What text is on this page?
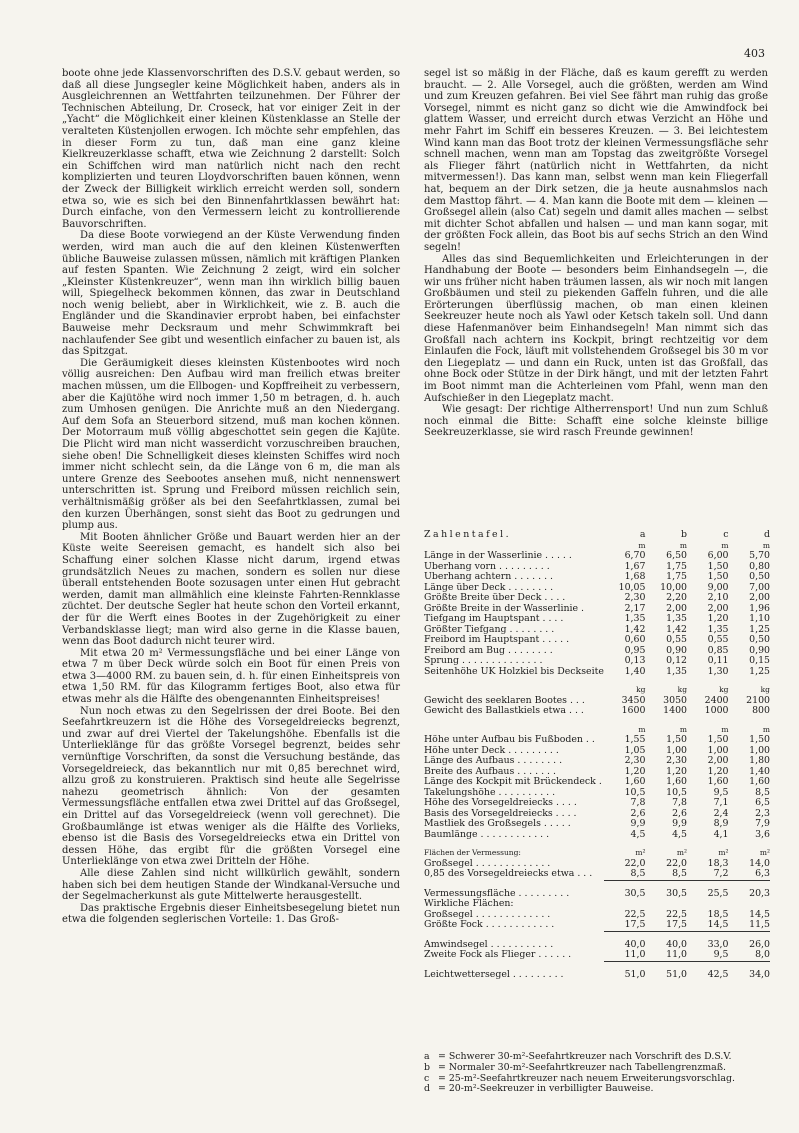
403

boote ohne jede Klassenvorschriften des D.S.V. gebaut werden, so daß all diese Jungsegler keine Möglichkeit haben, anders als in Ausgleichrennen an Wettfahrten teilzunehmen. Der Führer der Technischen Abteilung, Dr. Croseck, hat vor einiger Zeit in der „Yacht“ die Möglichkeit einer kleinen Küstenklasse an Stelle der veralteten Küstenjollen erwogen. Ich möchte sehr empfehlen, das in dieser Form zu tun, daß man eine ganz kleine Kielkreuzerklasse schafft, etwa wie Zeichnung 2 darstellt: Solch ein Schiffchen wird man natürlich nicht nach den recht komplizierten und teuren Lloydvorschriften bauen können, wenn der Zweck der Billigkeit wirklich erreicht werden soll, sondern etwa so, wie es sich bei den Binnenfahrtklassen bewährt hat: Durch einfache, von den Vermessern leicht zu kontrollierende Bauvorschriften.

Da diese Boote vorwiegend an der Küste Verwendung finden werden, wird man auch die auf den kleinen Küstenwerften übliche Bauweise zulassen müssen, nämlich mit kräftigen Planken auf festen Spanten. Wie Zeichnung 2 zeigt, wird ein solcher „Kleinster Küstenkreuzer“, wenn man ihn wirklich billig bauen will, Spiegelheck bekommen können, das zwar in Deutschland noch wenig beliebt, aber in Wirklichkeit, wie z. B. auch die Engländer und die Skandinavier erprobt haben, bei einfachster Bauweise mehr Decksraum und mehr Schwimmkraft bei nachlaufender See gibt und wesentlich einfacher zu bauen ist, als das Spitzgat.

Die Geräumigkeit dieses kleinsten Küstenbootes wird noch völlig ausreichen: Den Aufbau wird man freilich etwas breiter machen müssen, um die Ellbogen- und Kopffreiheit zu verbessern, aber die Kajütöhe wird noch immer 1,50 m betragen, d. h. auch zum Umhosen genügen. Die Anrichte muß an den Niedergang. Auf dem Sofa an Steuerbord sitzend, muß man kochen können. Der Motorraum muß völlig abgeschottet sein gegen die Kajüte. Die Plicht wird man nicht wasserdicht vorzuschreiben brauchen, siehe oben! Die Schnelligkeit dieses kleinsten Schiffes wird noch immer nicht schlecht sein, da die Länge von 6 m, die man als untere Grenze des Seebootes ansehen muß, nicht nennenswert unterschritten ist. Sprung und Freibord müssen reichlich sein, verhältnismäßig größer als bei den Seefahrtklassen, zumal bei den kurzen Überhängen, sonst sieht das Boot zu gedrungen und plump aus.

Mit Booten ähnlicher Größe und Bauart werden hier an der Küste weite Seereisen gemacht, es handelt sich also bei Schaffung einer solchen Klasse nicht darum, irgend etwas grundsätzlich Neues zu machen, sondern es sollen nur diese überall entstehenden Boote sozusagen unter einen Hut gebracht werden, damit man allmählich eine kleinste Fahrten-Rennklasse züchtet. Der deutsche Segler hat heute schon den Vorteil erkannt, der für die Werft eines Bootes in der Zugehörigkeit zu einer Verbandsklasse liegt; man wird also gerne in die Klasse bauen, wenn das Boot dadurch nicht teurer wird.

Mit etwa 20 m² Vermessungsfläche und bei einer Länge von etwa 7 m über Deck würde solch ein Boot für einen Preis von etwa 3—4000 RM. zu bauen sein, d. h. für einen Einheitspreis von etwa 1,50 RM. für das Kilogramm fertiges Boot, also etwa für etwas mehr als die Hälfte des obengenannten Einheitspreises!

Nun noch etwas zu den Segelrissen der drei Boote. Bei den Seefahrtkreuzern ist die Höhe des Vorsegeldreiecks begrenzt, und zwar auf drei Viertel der Takelungshöhe. Ebenfalls ist die Unterlieklänge für das größte Vorsegel begrenzt, beides sehr vernünftige Vorschriften, da sonst die Versuchung bestände, das Vorsegeldreieck, das bekanntlich nur mit 0,85 berechnet wird, allzu groß zu konstruieren. Praktisch sind heute alle Segelrisse nahezu geometrisch ähnlich: Von der gesamten Vermessungsfläche entfallen etwa zwei Drittel auf das Großsegel, ein Drittel auf das Vorsegeldreieck (wenn voll gerechnet). Die Großbaumlänge ist etwas weniger als die Hälfte des Vorlieks, ebenso ist die Basis des Vorsegeldreiecks etwa ein Drittel von dessen Höhe, das ergibt für die größten Vorsegel eine Unterlieklänge von etwa zwei Dritteln der Höhe.

Alle diese Zahlen sind nicht willkürlich gewählt, sondern haben sich bei dem heutigen Stande der Windkanal-Versuche und der Segelmacherkunst als gute Mittelwerte herausgestellt.

Das praktische Ergebnis dieser Einheitsbesegelung bietet nun etwa die folgenden seglerischen Vorteile: 1. Das Groß-

segel ist so mäßig in der Fläche, daß es kaum gerefft zu werden braucht. — 2. Alle Vorsegel, auch die größten, werden am Wind und zum Kreuzen gefahren. Bei viel See fährt man ruhig das große Vorsegel, nimmt es nicht ganz so dicht wie die Amwindfock bei glattem Wasser, und erreicht durch etwas Verzicht an Höhe und mehr Fahrt im Schiff ein besseres Kreuzen. — 3. Bei leichtestem Wind kann man das Boot trotz der kleinen Vermessungsfläche sehr schnell machen, wenn man am Topstag das zweitgrößte Vorsegel als Flieger fährt (natürlich nicht in Wettfahrten, da nicht mitvermessen!). Das kann man, selbst wenn man kein Fliegerfall hat, bequem an der Dirk setzen, die ja heute ausnahmslos nach dem Masttop fährt. — 4. Man kann die Boote mit dem — kleinen — Großsegel allein (also Cat) segeln und damit alles machen — selbst mit dichter Schot abfallen und halsen — und man kann sogar, mit der größten Fock allein, das Boot bis auf sechs Strich an den Wind segeln!

Alles das sind Bequemlichkeiten und Erleichterungen in der Handhabung der Boote — besonders beim Einhandsegeln —, die wir uns früher nicht haben träumen lassen, als wir noch mit langen Großbäumen und steil zu piekenden Gaffeln fuhren, und die alle Erörterungen überflüssig machen, ob man einen kleinen Seekreuzer heute noch als Yawl oder Ketsch takeln soll. Und dann diese Hafenmanöver beim Einhandsegeln! Man nimmt sich das Großfall nach achtern ins Kockpit, bringt rechtzeitig vor dem Einlaufen die Fock, läuft mit vollstehendem Großsegel bis 30 m vor den Liegeplatz — und dann ein Ruck, unten ist das Großfall, das ohne Bock oder Stütze in der Dirk hängt, und mit der letzten Fahrt im Boot nimmt man die Achterleinen vom Pfahl, wenn man den Aufschießer in den Liegeplatz macht.

Wie gesagt: Der richtige Altherrensport! Und nun zum Schluß noch einmal die Bitte: Schafft eine solche kleinste billige Seekreuzerklasse, sie wird rasch Freunde gewinnen!

Zahlentafel.	a	b	c	d
	m	m	m	m
Länge in der Wasserlinie . . . . .	6,70	6,50	6,00	5,70
Überhang vorn . . . . . . . . .	1,67	1,75	1,50	0,80
Überhang achtern . . . . . . .	1,68	1,75	1,50	0,50
Länge über Deck . . . . . . . .	10,05	10,00	9,00	7,00
Größte Breite über Deck . . . .	2,30	2,20	2,10	2,00
Größte Breite in der Wasserlinie .	2,17	2,00	2,00	1,96
Tiefgang im Hauptspant . . . .	1,35	1,35	1,20	1,10
Größter Tiefgang . . . . . . . .	1,42	1,42	1,35	1,25
Freibord im Hauptspant . . . . .	0,60	0,55	0,55	0,50
Freibord am Bug . . . . . . . .	0,95	0,90	0,85	0,90
Sprung . . . . . . . . . . . . . .	0,13	0,12	0,11	0,15
Seitenhöhe UK Holzkiel bis Deckseite	1,40	1,35	1,30	1,25

	kg	kg	kg	kg
Gewicht des seeklaren Bootes . . .	3450	3050	2400	2100
Gewicht des Ballastkiels etwa . . .	1600	1400	1000	800

	m	m	m	m
Höhe unter Aufbau bis Fußboden . .	1,55	1,50	1,50	1,50
Höhe unter Deck . . . . . . . . .	1,05	1,00	1,00	1,00
Länge des Aufbaus . . . . . . . .	2,30	2,30	2,00	1,80
Breite des Aufbaus . . . . . . .	1,20	1,20	1,20	1,40
Länge des Kockpit mit Brückendeck .	1,60	1,60	1,60	1,60
Takelungshöhe . . . . . . . . . .	10,5	10,5	9,5	8,5
Höhe des Vorsegeldreiecks . . . .	7,8	7,8	7,1	6,5
Basis des Vorsegeldreiecks . . . .	2,6	2,6	2,4	2,3
Mastliek des Großsegels . . . . .	9,9	9,9	8,9	7,9
Baumlänge . . . . . . . . . . . .	4,5	4,5	4,1	3,6

Flächen der Vermessung:	m²	m²	m²	m²
Großsegel . . . . . . . . . . . . .	22,0	22,0	18,3	14,0
0,85 des Vorsegeldreiecks etwa . . .	8,5	8,5	7,2	6,3

Vermessungsfläche . . . . . . . . .	30,5	30,5	25,5	20,3
Wirkliche Flächen:				
Großsegel . . . . . . . . . . . . .	22,5	22,5	18,5	14,5
Größte Fock . . . . . . . . . . . .	17,5	17,5	14,5	11,5

Amwindsegel . . . . . . . . . . .	40,0	40,0	33,0	26,0
Zweite Fock als Flieger . . . . . .	11,0	11,0	9,5	8,0

Leichtwettersegel . . . . . . . . .	51,0	51,0	42,5	34,0
a = Schwerer 30-m²-Seefahrtkreuzer nach Vorschrift des D.S.V.
b = Normaler 30-m²-Seefahrtkreuzer nach Tabellengrenzmaß.
c = 25-m²-Seefahrtkreuzer nach neuem Erweiterungsvorschlag.
d = 20-m²-Seekreuzer in verbilligter Bauweise.
